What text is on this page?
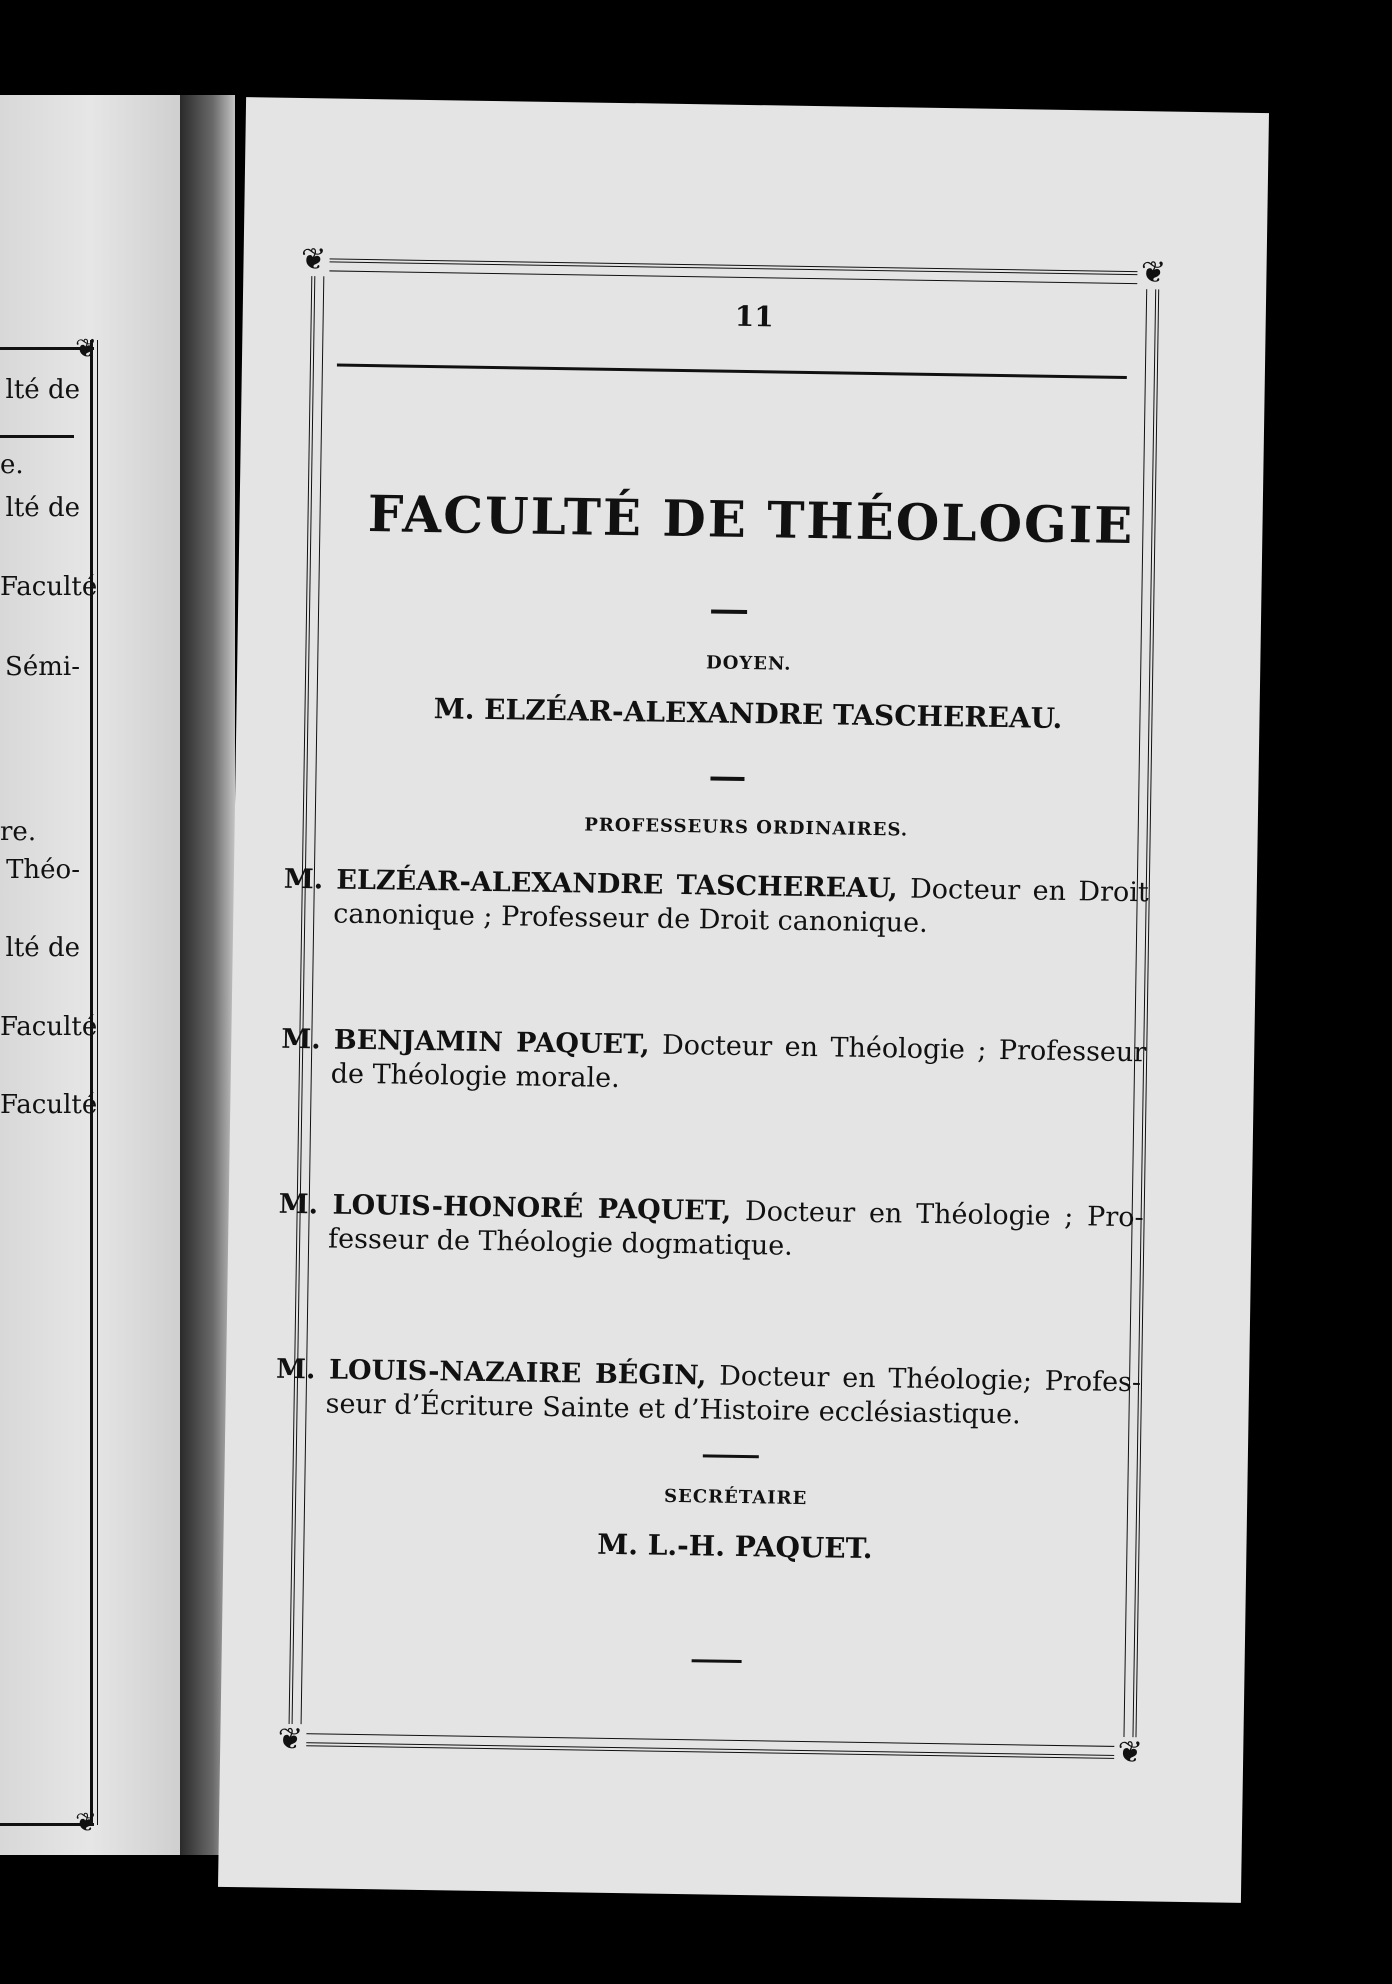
❦
❦
lté de
e.
lté de
Faculté
Sémi-
re.
Théo-
lté de
Faculté
Faculté
❦	❦
❦	❦
11
FACULTÉ DE THÉOLOGIE
DOYEN.
M. ELZÉAR-ALEXANDRE TASCHEREAU.
PROFESSEURS ORDINAIRES.
M. ELZÉAR-ALEXANDRE TASCHEREAU, Docteur en Droit
canonique ; Professeur de Droit canonique.
M. BENJAMIN PAQUET, Docteur en Théologie ; Professeur
de Théologie morale.
M. LOUIS-HONORÉ PAQUET, Docteur en Théologie ; Pro-
fesseur de Théologie dogmatique.
M. LOUIS-NAZAIRE BÉGIN, Docteur en Théologie; Profes-
seur d’Écriture Sainte et d’Histoire ecclésiastique.
SECRÉTAIRE
M. L.-H. PAQUET.
